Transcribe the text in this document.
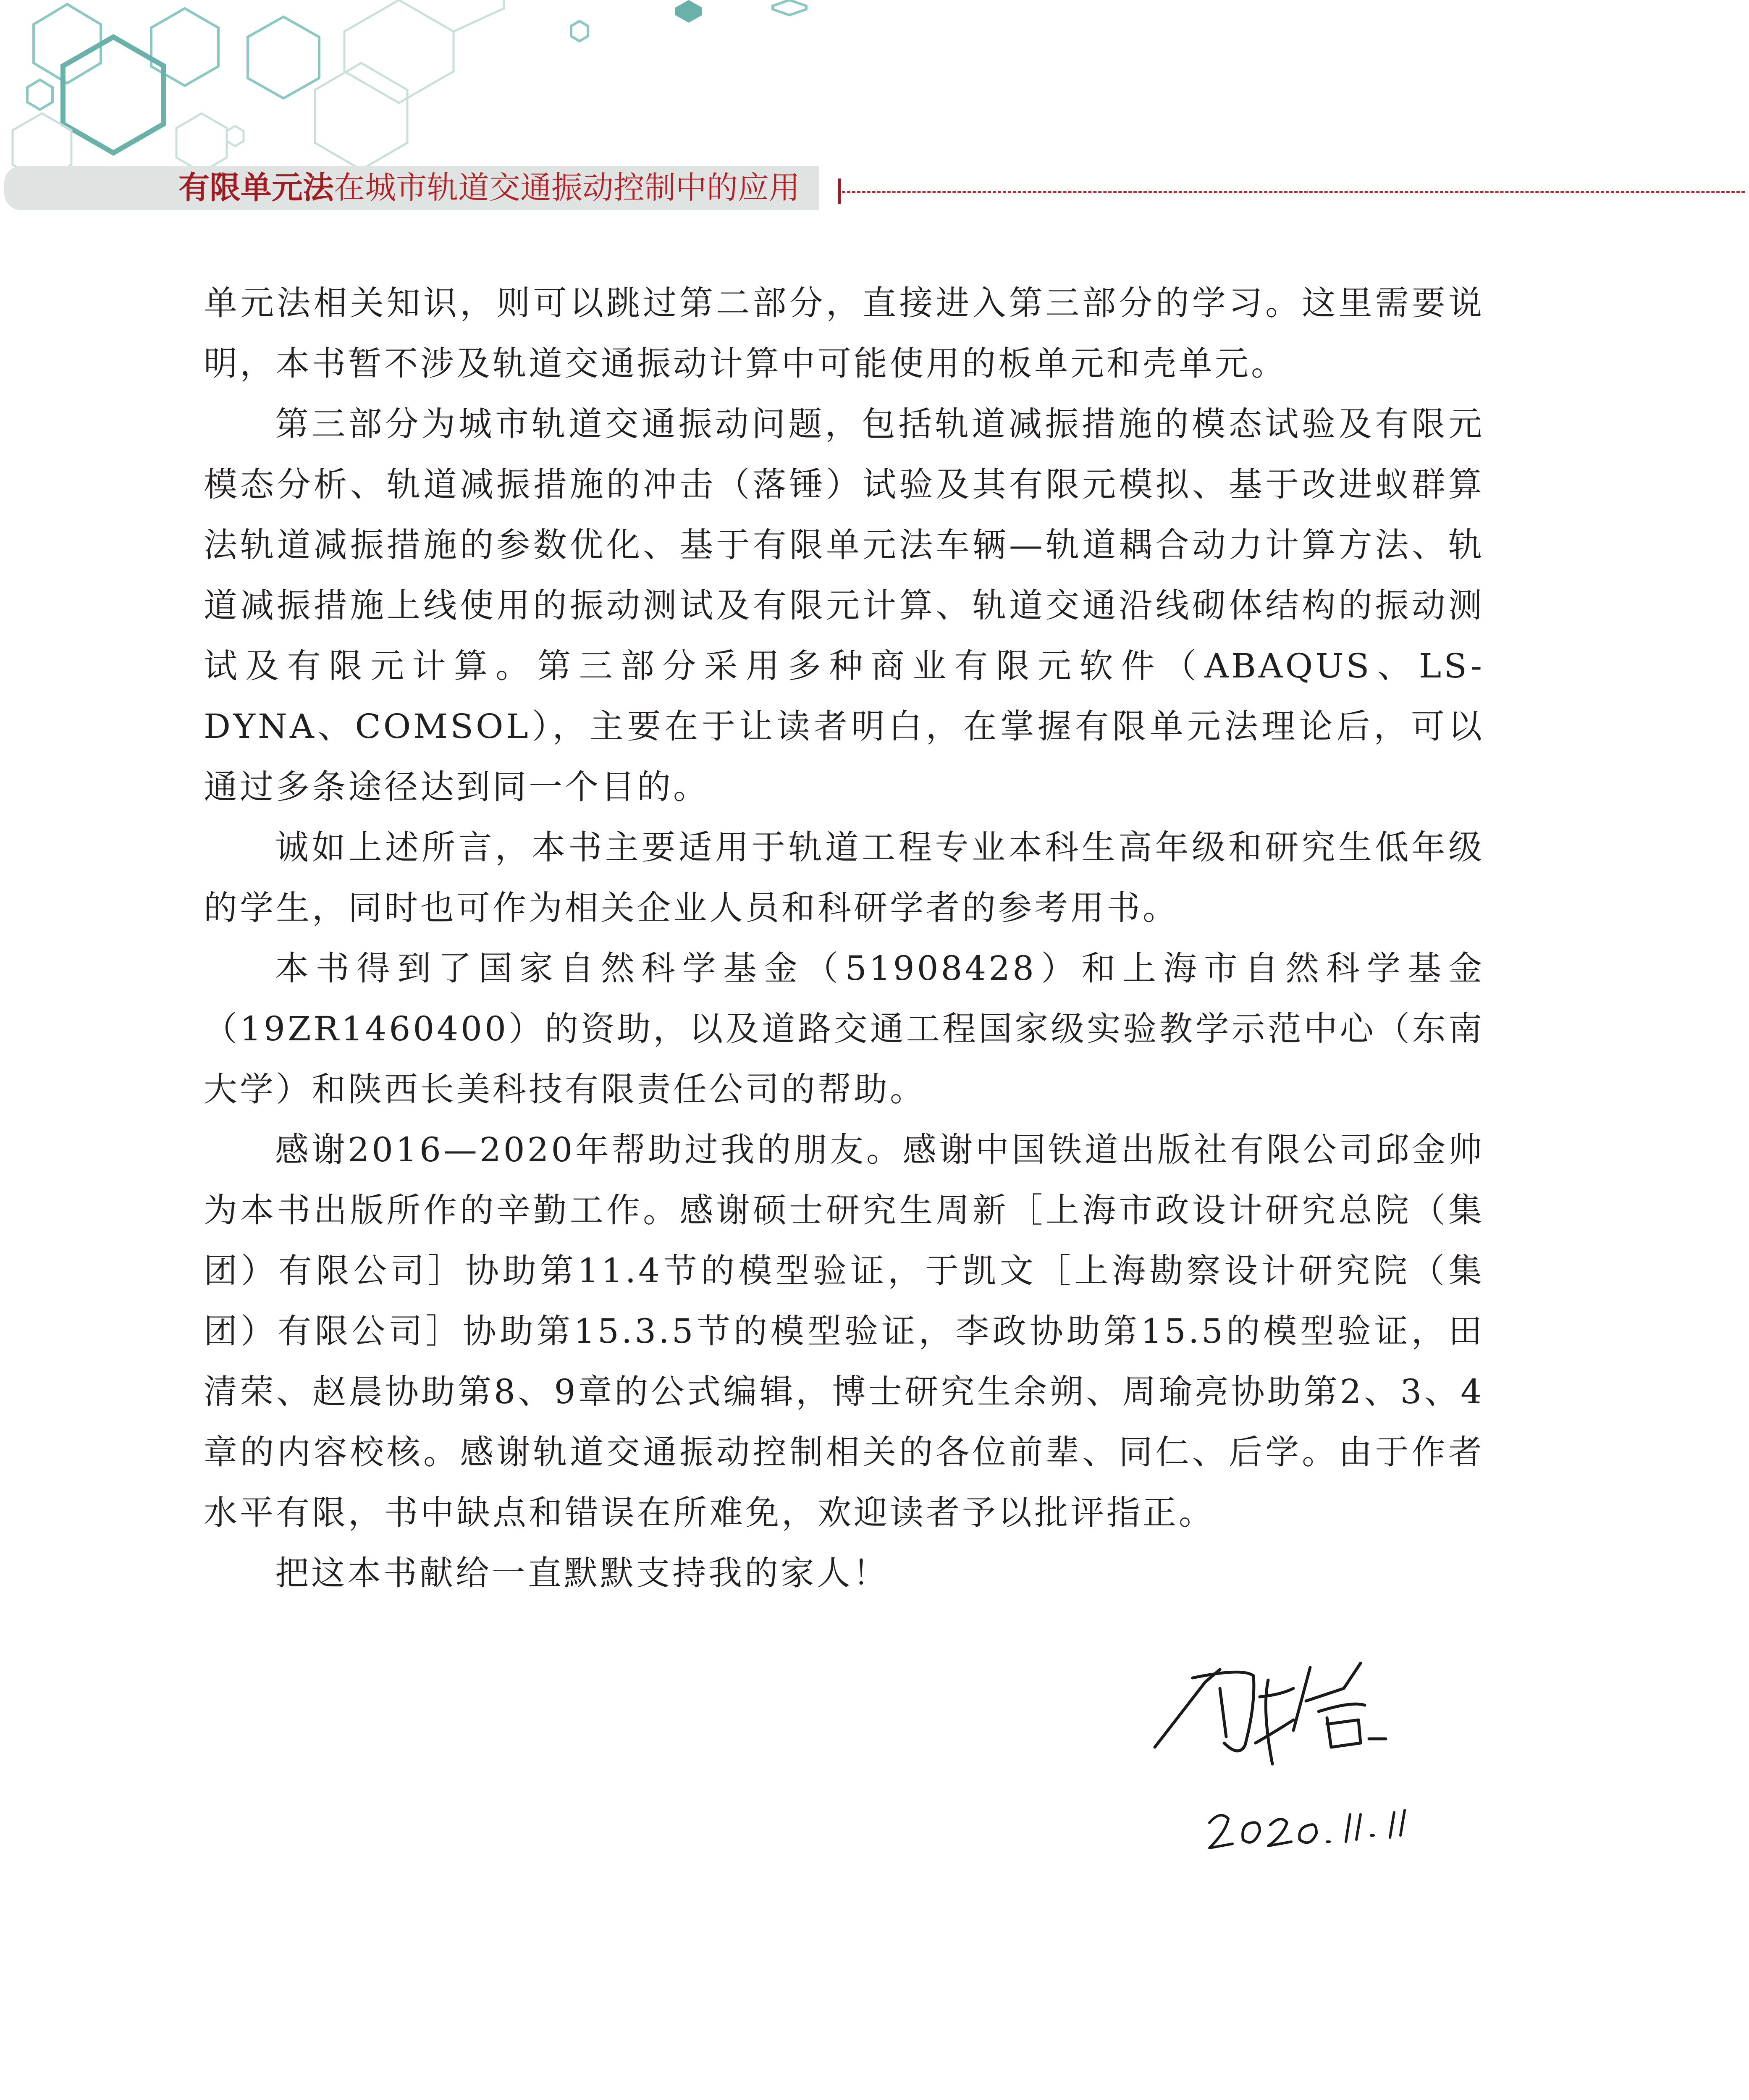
有限单元法在城市轨道交通振动控制中的应用

单元法相关知识，则可以跳过第二部分，直接进入第三部分的学习。这里需要说明，本书暂不涉及轨道交通振动计算中可能使用的板单元和壳单元。

第三部分为城市轨道交通振动问题，包括轨道减振措施的模态试验及有限元模态分析、轨道减振措施的冲击（落锤）试验及其有限元模拟、基于改进蚁群算法轨道减振措施的参数优化、基于有限单元法车辆—轨道耦合动力计算方法、轨道减振措施上线使用的振动测试及有限元计算、轨道交通沿线砌体结构的振动测试及有限元计算。第三部分采用多种商业有限元软件（ABAQUS、LS-DYNA、COMSOL），主要在于让读者明白，在掌握有限单元法理论后，可以通过多条途径达到同一个目的。

诚如上述所言，本书主要适用于轨道工程专业本科生高年级和研究生低年级的学生，同时也可作为相关企业人员和科研学者的参考用书。

本书得到了国家自然科学基金（51908428）和上海市自然科学基金（19ZR1460400）的资助，以及道路交通工程国家级实验教学示范中心（东南大学）和陕西长美科技有限责任公司的帮助。

感谢2016—2020年帮助过我的朋友。感谢中国铁道出版社有限公司邱金帅为本书出版所作的辛勤工作。感谢硕士研究生周新［上海市政设计研究总院（集团）有限公司］协助第11.4节的模型验证，于凯文［上海勘察设计研究院（集团）有限公司］协助第15.3.5节的模型验证，李政协助第15.5的模型验证，田清荣、赵晨协助第8、9章的公式编辑，博士研究生余朔、周瑜亮协助第2、3、4章的内容校核。感谢轨道交通振动控制相关的各位前辈、同仁、后学。由于作者水平有限，书中缺点和错误在所难免，欢迎读者予以批评指正。

把这本书献给一直默默支持我的家人！
